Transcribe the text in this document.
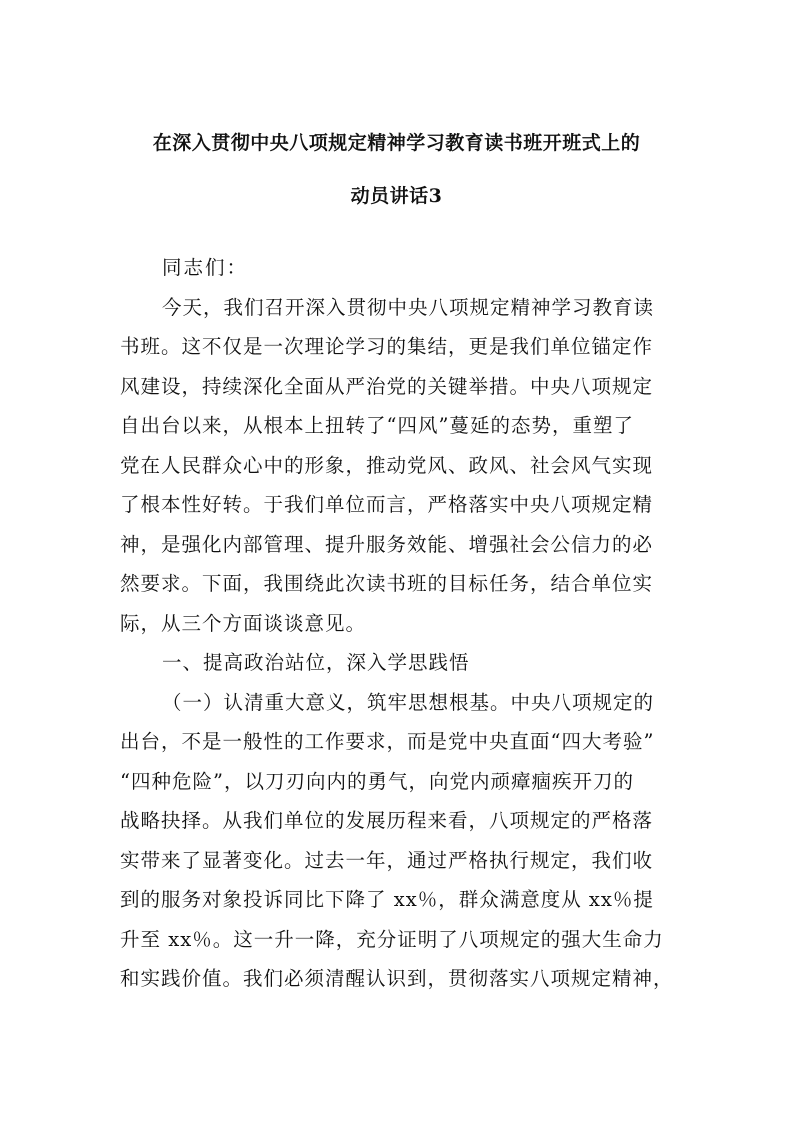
在深入贯彻中央八项规定精神学习教育读书班开班式上的
动员讲话3
同志们：
今天，我们召开深入贯彻中央八项规定精神学习教育读
书班。这不仅是一次理论学习的集结，更是我们单位锚定作
风建设，持续深化全面从严治党的关键举措。中央八项规定
自出台以来，从根本上扭转了“四风”蔓延的态势，重塑了
党在人民群众心中的形象，推动党风、政风、社会风气实现
了根本性好转。于我们单位而言，严格落实中央八项规定精
神，是强化内部管理、提升服务效能、增强社会公信力的必
然要求。下面，我围绕此次读书班的目标任务，结合单位实
际，从三个方面谈谈意见。
一、提高政治站位，深入学思践悟
（一）认清重大意义，筑牢思想根基。中央八项规定的
出台，不是一般性的工作要求，而是党中央直面“四大考验”
“四种危险”，以刀刃向内的勇气，向党内顽瘴痼疾开刀的
战略抉择。从我们单位的发展历程来看，八项规定的严格落
实带来了显著变化。过去一年，通过严格执行规定，我们收
到的服务对象投诉同比下降了 xx％，群众满意度从 xx％提
升至 xx％。这一升一降，充分证明了八项规定的强大生命力
和实践价值。我们必须清醒认识到，贯彻落实八项规定精神，
